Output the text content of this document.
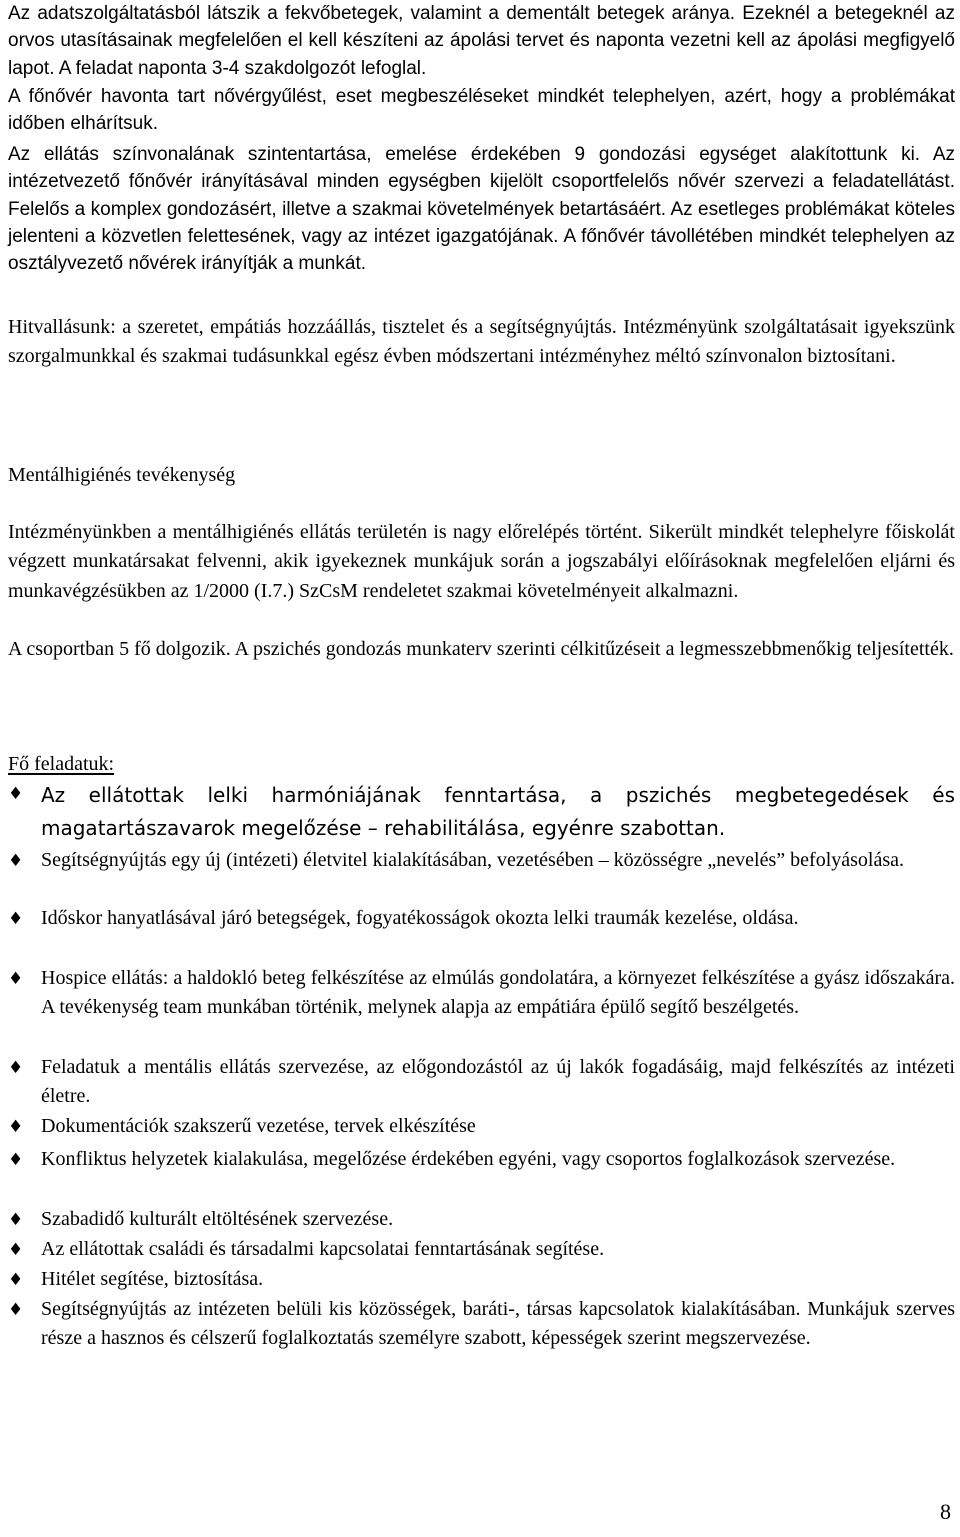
Az adatszolgáltatásból látszik a fekvőbetegek, valamint a dementált betegek aránya. Ezeknél a betegeknél az orvos utasításainak megfelelően el kell készíteni az ápolási tervet és naponta vezetni kell az ápolási megfigyelő lapot. A feladat naponta 3-4 szakdolgozót lefoglal.

A főnővér havonta tart nővérgyűlést, eset megbeszéléseket mindkét telephelyen, azért, hogy a problémákat időben elhárítsuk.

Az ellátás színvonalának szintentartása, emelése érdekében 9 gondozási egységet alakítottunk ki. Az intézetvezető főnővér irányításával minden egységben kijelölt csoportfelelős nővér szervezi a feladatellátást. Felelős a komplex gondozásért, illetve a szakmai követelmények betartásáért. Az esetleges problémákat köteles jelenteni a közvetlen felettesének, vagy az intézet igazgatójának. A főnővér távollétében mindkét telephelyen az osztályvezető nővérek irányítják a munkát.

Hitvallásunk: a szeretet, empátiás hozzáállás, tisztelet és a segítségnyújtás. Intézményünk szolgáltatásait igyekszünk szorgalmunkkal és szakmai tudásunkkal egész évben módszertani intézményhez méltó színvonalon biztosítani.

Mentálhigiénés tevékenység

Intézményünkben a mentálhigiénés ellátás területén is nagy előrelépés történt. Sikerült mindkét telephelyre főiskolát végzett munkatársakat felvenni, akik igyekeznek munkájuk során a jogszabályi előírásoknak megfelelően eljárni és munkavégzésükben az 1/2000 (I.7.) SzCsM rendeletet szakmai követelményeit alkalmazni.

A csoportban 5 fő dolgozik. A pszichés gondozás munkaterv szerinti célkitűzéseit a legmesszebbmenőkig teljesítették.

Fő feladatuk:

♦ Az ellátottak lelki harmóniájának fenntartása, a pszichés megbetegedések és magatartászavarok megelőzése – rehabilitálása, egyénre szabottan.
♦ Segítségnyújtás egy új (intézeti) életvitel kialakításában, vezetésében – közösségre „nevelés” befolyásolása.
♦ Időskor hanyatlásával járó betegségek, fogyatékosságok okozta lelki traumák kezelése, oldása.
♦ Hospice ellátás: a haldokló beteg felkészítése az elmúlás gondolatára, a környezet felkészítése a gyász időszakára. A tevékenység team munkában történik, melynek alapja az empátiára épülő segítő beszélgetés.
♦ Feladatuk a mentális ellátás szervezése, az előgondozástól az új lakók fogadásáig, majd felkészítés az intézeti életre.
♦ Dokumentációk szakszerű vezetése, tervek elkészítése
♦ Konfliktus helyzetek kialakulása, megelőzése érdekében egyéni, vagy csoportos foglalkozások szervezése.
♦ Szabadidő kulturált eltöltésének szervezése.
♦ Az ellátottak családi és társadalmi kapcsolatai fenntartásának segítése.
♦ Hitélet segítése, biztosítása.
♦ Segítségnyújtás az intézeten belüli kis közösségek, baráti-, társas kapcsolatok kialakításában. Munkájuk szerves része a hasznos és célszerű foglalkoztatás személyre szabott, képességek szerint megszervezése.
8
